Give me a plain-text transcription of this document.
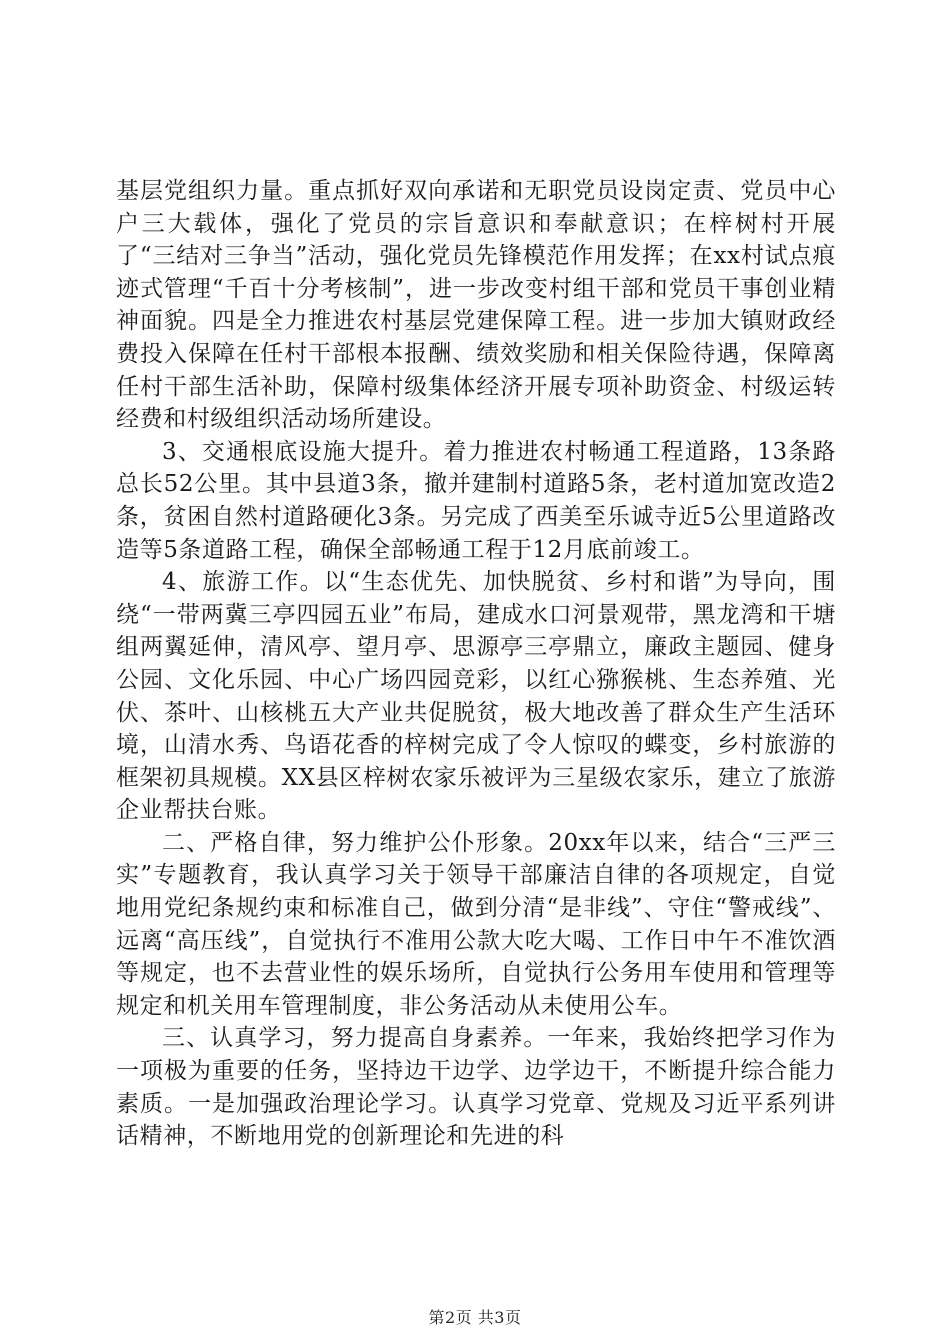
基层党组织力量。重点抓好双向承诺和无职党员设岗定责、党员中心户三大载体，强化了党员的宗旨意识和奉献意识；在梓树村开展了“三结对三争当”活动，强化党员先锋模范作用发挥；在xx村试点痕迹式管理“千百十分考核制”，进一步改变村组干部和党员干事创业精神面貌。四是全力推进农村基层党建保障工程。进一步加大镇财政经费投入保障在任村干部根本报酬、绩效奖励和相关保险待遇，保障离任村干部生活补助，保障村级集体经济开展专项补助资金、村级运转经费和村级组织活动场所建设。

3、交通根底设施大提升。着力推进农村畅通工程道路，13条路总长52公里。其中县道3条，撤并建制村道路5条，老村道加宽改造2条，贫困自然村道路硬化3条。另完成了西美至乐诚寺近5公里道路改造等5条道路工程，确保全部畅通工程于12月底前竣工。

4、旅游工作。以“生态优先、加快脱贫、乡村和谐”为导向，围绕“一带两冀三亭四园五业”布局，建成水口河景观带，黑龙湾和干塘组两翼延伸，清风亭、望月亭、思源亭三亭鼎立，廉政主题园、健身公园、文化乐园、中心广场四园竞彩，以红心猕猴桃、生态养殖、光伏、茶叶、山核桃五大产业共促脱贫，极大地改善了群众生产生活环境，山清水秀、鸟语花香的梓树完成了令人惊叹的蝶变，乡村旅游的框架初具规模。XX县区梓树农家乐被评为三星级农家乐，建立了旅游企业帮扶台账。

二、严格自律，努力维护公仆形象。20xx年以来，结合“三严三实”专题教育，我认真学习关于领导干部廉洁自律的各项规定，自觉地用党纪条规约束和标准自己，做到分清“是非线”、守住“警戒线”、远离“高压线”，自觉执行不准用公款大吃大喝、工作日中午不准饮酒等规定，也不去营业性的娱乐场所，自觉执行公务用车使用和管理等规定和机关用车管理制度，非公务活动从未使用公车。

三、认真学习，努力提高自身素养。一年来，我始终把学习作为一项极为重要的任务，坚持边干边学、边学边干，不断提升综合能力素质。一是加强政治理论学习。认真学习党章、党规及习近平系列讲话精神，不断地用党的创新理论和先进的科

第2页 共3页
